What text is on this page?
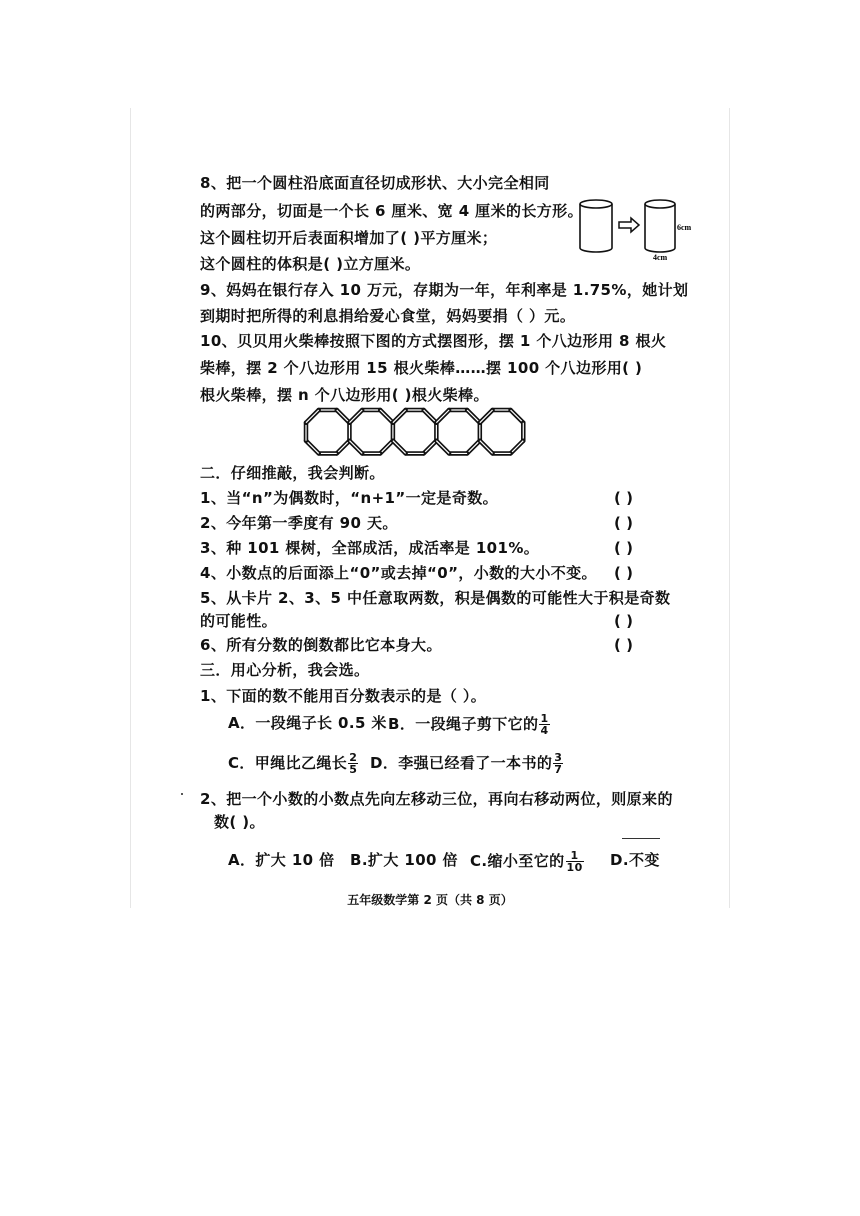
8、把一个圆柱沿底面直径切成形状、大小完全相同
的两部分，切面是一个长 6 厘米、宽 4 厘米的长方形。
这个圆柱切开后表面积增加了( )平方厘米；
这个圆柱的体积是( )立方厘米。
6cm
4cm
9、妈妈在银行存入 10 万元，存期为一年，年利率是 1.75%，她计划
到期时把所得的利息捐给爱心食堂，妈妈要捐（ ）元。
10、贝贝用火柴棒按照下图的方式摆图形，摆 1 个八边形用 8 根火
柴棒，摆 2 个八边形用 15 根火柴棒……摆 100 个八边形用( )
根火柴棒，摆 n 个八边形用( )根火柴棒。
二．仔细推敲，我会判断。
1、当“n”为偶数时，“n+1”一定是奇数。	( )
2、今年第一季度有 90 天。	( )
3、种 101 棵树，全部成活，成活率是 101%。	( )
4、小数点的后面添上“0”或去掉“0”，小数的大小不变。 ( )
5、从卡片 2、3、5 中任意取两数，积是偶数的可能性大于积是奇数
的可能性。	( )
6、所有分数的倒数都比它本身大。	( )
三．用心分析，我会选。
1、下面的数不能用百分数表示的是（ ）。
A．一段绳子长 0.5 米 B．一段绳子剪下它的 $\frac{1}{4}$
C．甲绳比乙绳长 $\frac{2}{5}$ D．李强已经看了一本书的 $\frac{3}{7}$
2、把一个小数的小数点先向左移动三位，再向右移动两位，则原来的
数( )。
A．扩大 10 倍 B.扩大 100 倍 C.缩小至它的 $\frac{1}{10} D$.不变
五年级数学第 2 页（共 8 页）
